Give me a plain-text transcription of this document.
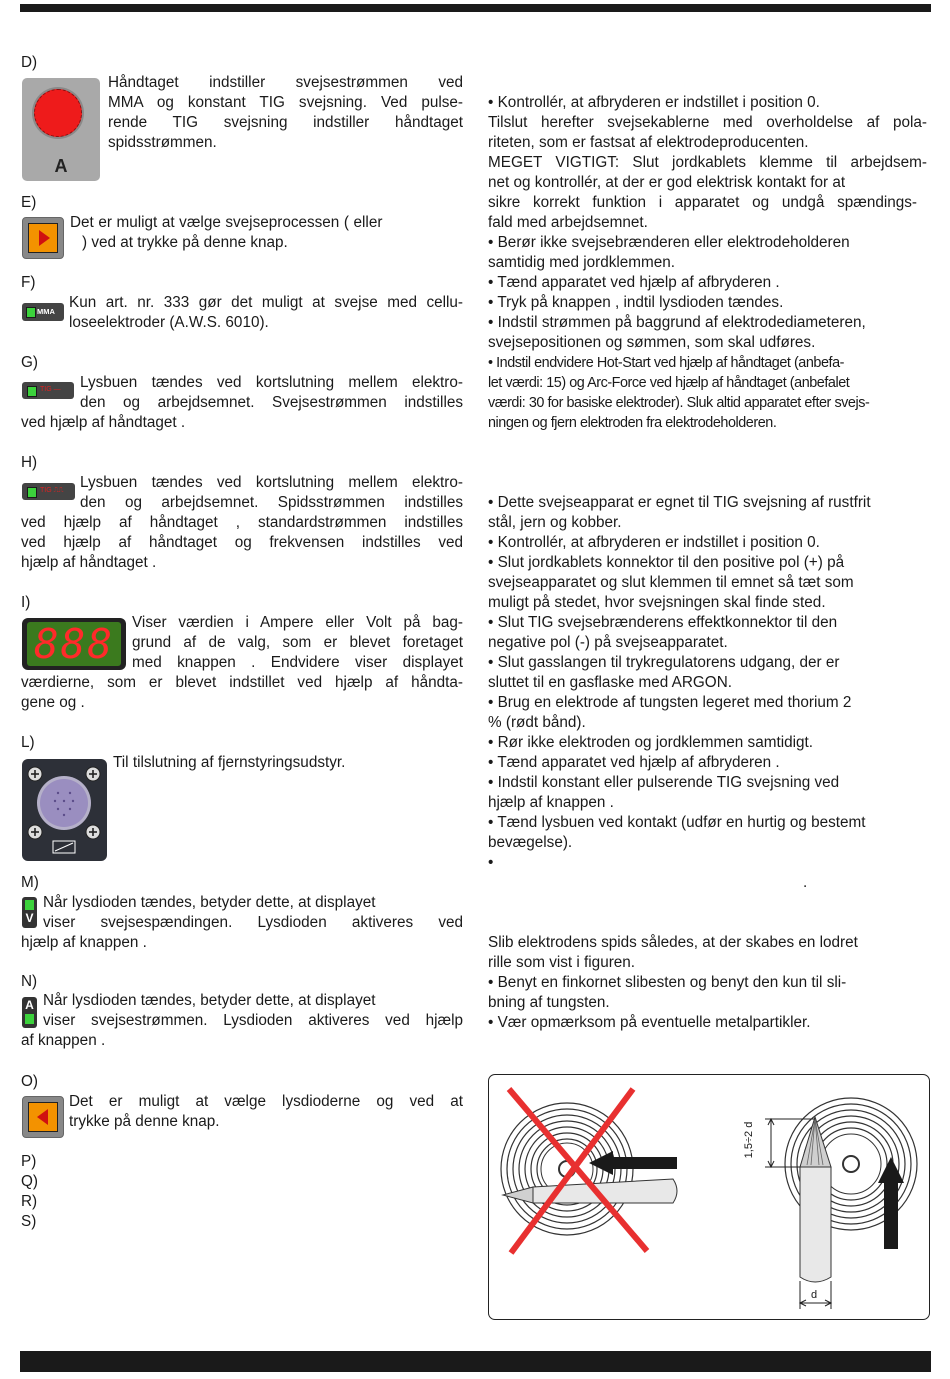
D)
A
Håndtaget indstiller svejsestrømmen ved
MMA og konstant TIG svejsning. Ved pulse-
rende TIG svejsning indstiller håndtaget
spidsstrømmen.
E)
Det er muligt at vælge svejseprocessen ( eller
) ved at trykke på denne knap.
F)
MMA
Kun art. nr. 333 gør det muligt at svejse med cellu-
loseelektroder (A.W.S. 6010).
G)
TIG — Lysbuen tændes ved kortslutning mellem elektro-
den og arbejdsemnet. Svejsestrømmen indstilles
ved hjælp af håndtaget .
H)
TIG ⎍⎍ Lysbuen tændes ved kortslutning mellem elektro-
den og arbejdsemnet. Spidsstrømmen indstilles
ved hjælp af håndtaget , standardstrømmen indstilles
ved hjælp af håndtaget og frekvensen indstilles ved
hjælp af håndtaget .
I)
888	Viser værdien i Ampere eller Volt på bag-
grund af de valg, som er blevet foretaget
med knappen . Endvidere viser displayet
værdierne, som er blevet indstillet ved hjælp af håndta-
gene og .
L)
Til tilslutning af fjernstyringsudstyr.
M)
V
Når lysdioden tændes, betyder dette, at displayet
viser svejsespændingen. Lysdioden aktiveres ved
hjælp af knappen .
N)
A Når lysdioden tændes, betyder dette, at displayet
viser svejsestrømmen. Lysdioden aktiveres ved hjælp
af knappen .
O)
Det er muligt at vælge lysdioderne og ved at
trykke på denne knap.
P)
Q)
R)
S)
• Kontrollér, at afbryderen er indstillet i position 0.
Tilslut herefter svejsekablerne med overholdelse af pola-
riteten, som er fastsat af elektrodeproducenten.
MEGET VIGTIGT: Slut jordkablets klemme til arbejdsem-
net og kontrollér, at der er god elektrisk kontakt for at
sikre korrekt funktion i apparatet og undgå spændings-
fald med arbejdsemnet.
• Berør ikke svejsebrænderen eller elektrodeholderen
samtidig med jordklemmen.
• Tænd apparatet ved hjælp af afbryderen .
• Tryk på knappen , indtil lysdioden tændes.
• Indstil strømmen på baggrund af elektrodediameteren,
svejsepositionen og sømmen, som skal udføres.
• Indstil endvidere Hot-Start ved hjælp af håndtaget (anbefa-
let værdi: 15) og Arc-Force ved hjælp af håndtaget (anbefalet
værdi: 30 for basiske elektroder). Sluk altid apparatet efter svejs-
ningen og fjern elektroden fra elektrodeholderen.
• Dette svejseapparat er egnet til TIG svejsning af rustfrit
stål, jern og kobber.
• Kontrollér, at afbryderen er indstillet i position 0.
• Slut jordkablets konnektor til den positive pol (+) på
svejseapparatet og slut klemmen til emnet så tæt som
muligt på stedet, hvor svejsningen skal finde sted.
• Slut TIG svejsebrænderens effektkonnektor til den
negative pol (-) på svejseapparatet.
• Slut gasslangen til trykregulatorens udgang, der er
sluttet til en gasflaske med ARGON.
• Brug en elektrode af tungsten legeret med thorium 2
% (rødt bånd).
• Rør ikke elektroden og jordklemmen samtidigt.
• Tænd apparatet ved hjælp af afbryderen .
• Indstil konstant eller pulserende TIG svejsning ved
hjælp af knappen .
• Tænd lysbuen ved kontakt (udfør en hurtig og bestemt
bevægelse).
•
.
Slib elektrodens spids således, at der skabes en lodret
rille som vist i figuren.
• Benyt en finkornet slibesten og benyt den kun til sli-
bning af tungsten.
• Vær opmærksom på eventuelle metalpartikler.
1,5÷2 d
d
